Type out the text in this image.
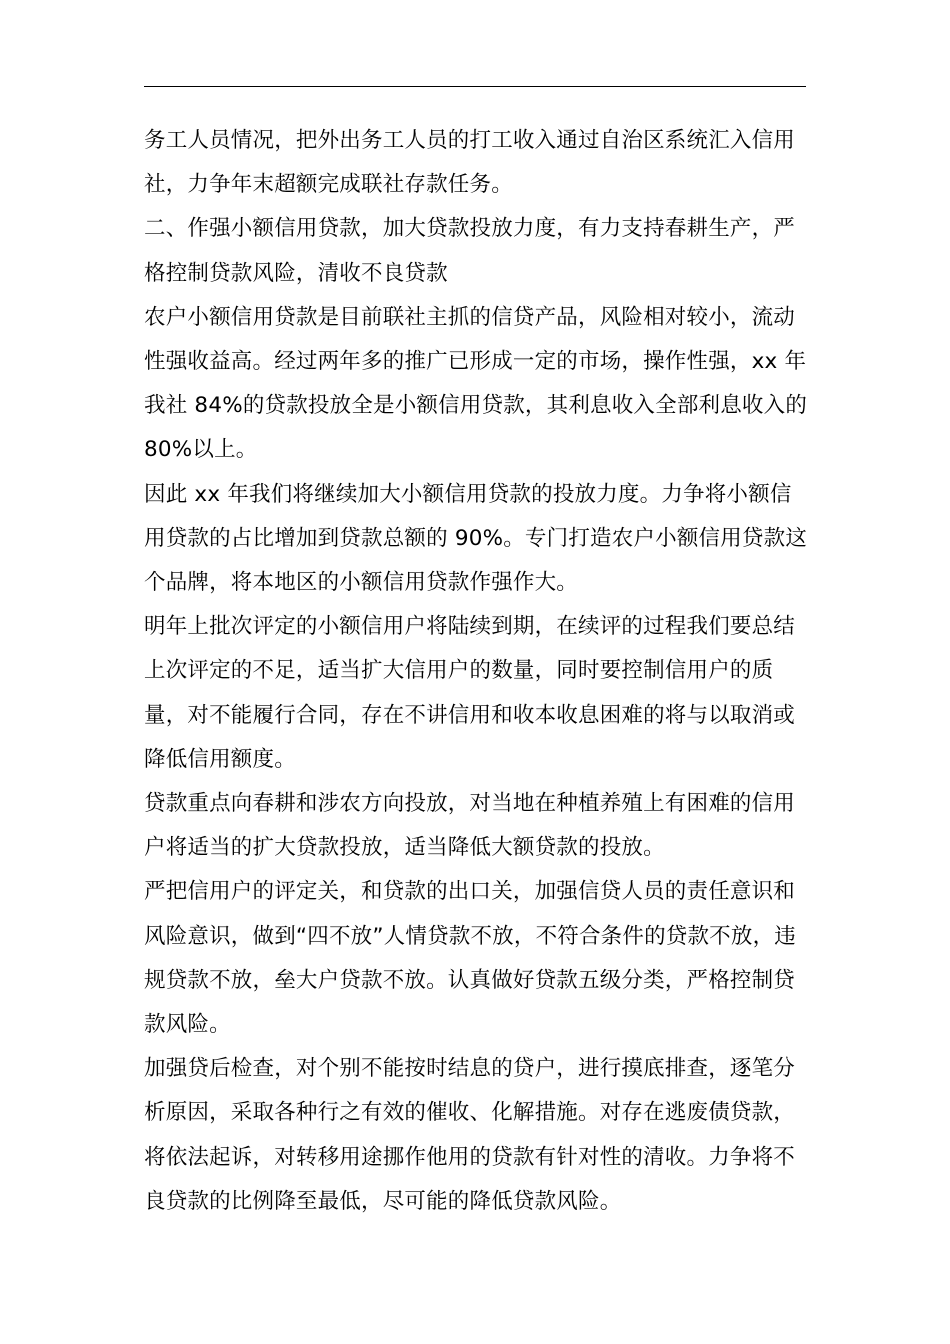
务工人员情况，把外出务工人员的打工收入通过自治区系统汇入信用社，力争年末超额完成联社存款任务。

二、作强小额信用贷款，加大贷款投放力度，有力支持春耕生产，严格控制贷款风险，清收不良贷款

农户小额信用贷款是目前联社主抓的信贷产品，风险相对较小，流动性强收益高。经过两年多的推广已形成一定的市场，操作性强，xx 年我社 84%的贷款投放全是小额信用贷款，其利息收入全部利息收入的 80%以上。

因此 xx 年我们将继续加大小额信用贷款的投放力度。力争将小额信用贷款的占比增加到贷款总额的 90%。专门打造农户小额信用贷款这个品牌，将本地区的小额信用贷款作强作大。

明年上批次评定的小额信用户将陆续到期，在续评的过程我们要总结上次评定的不足，适当扩大信用户的数量，同时要控制信用户的质量，对不能履行合同，存在不讲信用和收本收息困难的将与以取消或降低信用额度。

贷款重点向春耕和涉农方向投放，对当地在种植养殖上有困难的信用户将适当的扩大贷款投放，适当降低大额贷款的投放。

严把信用户的评定关，和贷款的出口关，加强信贷人员的责任意识和风险意识，做到“四不放”人情贷款不放，不符合条件的贷款不放，违规贷款不放，垒大户贷款不放。认真做好贷款五级分类，严格控制贷款风险。

加强贷后检查，对个别不能按时结息的贷户，进行摸底排查，逐笔分析原因，采取各种行之有效的催收、化解措施。对存在逃废债贷款，将依法起诉，对转移用途挪作他用的贷款有针对性的清收。力争将不良贷款的比例降至最低，尽可能的降低贷款风险。
